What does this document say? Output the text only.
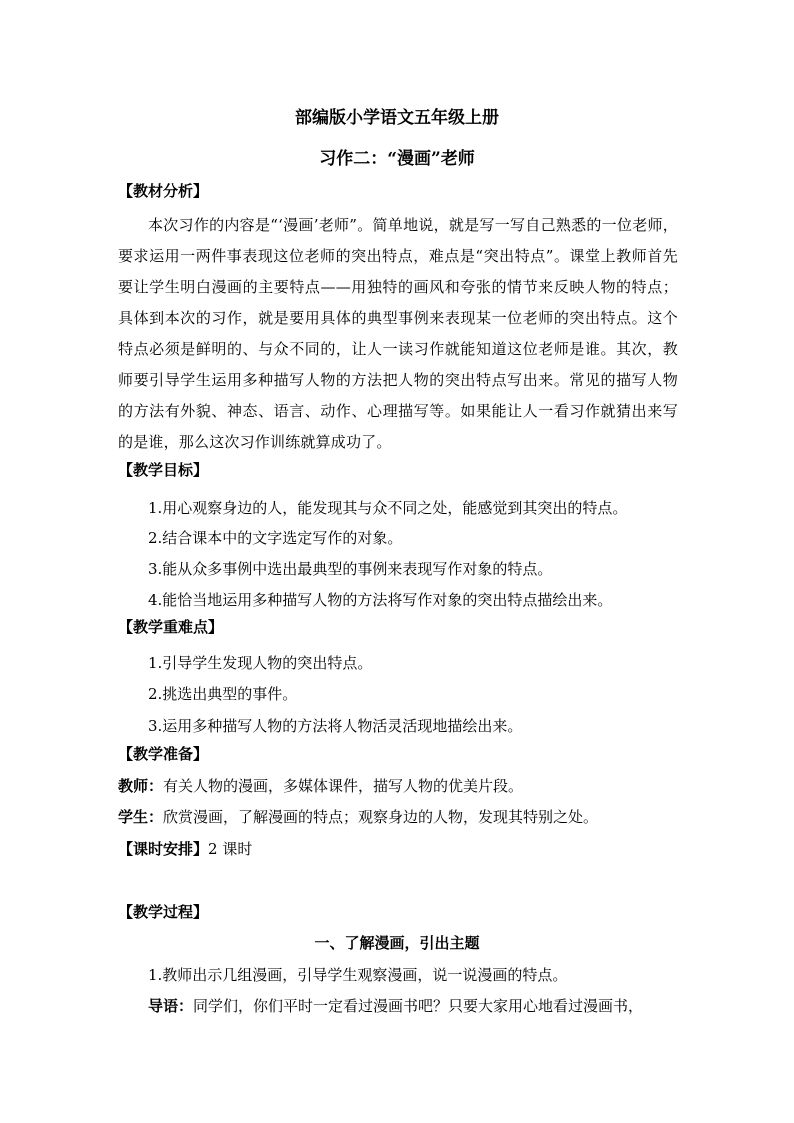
部编版小学语文五年级上册
习作二：“漫画”老师
【教材分析】
本次习作的内容是“‘漫画’老师”。简单地说，就是写一写自己熟悉的一位老师，要求运用一两件事表现这位老师的突出特点，难点是“突出特点”。课堂上教师首先要让学生明白漫画的主要特点——用独特的画风和夸张的情节来反映人物的特点；具体到本次的习作，就是要用具体的典型事例来表现某一位老师的突出特点。这个特点必须是鲜明的、与众不同的，让人一读习作就能知道这位老师是谁。其次，教师要引导学生运用多种描写人物的方法把人物的突出特点写出来。常见的描写人物的方法有外貌、神态、语言、动作、心理描写等。如果能让人一看习作就猜出来写的是谁，那么这次习作训练就算成功了。
【教学目标】
1.用心观察身边的人，能发现其与众不同之处，能感觉到其突出的特点。
2.结合课本中的文字选定写作的对象。
3.能从众多事例中选出最典型的事例来表现写作对象的特点。
4.能恰当地运用多种描写人物的方法将写作对象的突出特点描绘出来。
【教学重难点】
1.引导学生发现人物的突出特点。
2.挑选出典型的事件。
3.运用多种描写人物的方法将人物活灵活现地描绘出来。
【教学准备】
教师：有关人物的漫画，多媒体课件，描写人物的优美片段。
学生：欣赏漫画，了解漫画的特点；观察身边的人物，发现其特别之处。
【课时安排】2 课时
【教学过程】
一、了解漫画，引出主题
1.教师出示几组漫画，引导学生观察漫画，说一说漫画的特点。
导语：同学们，你们平时一定看过漫画书吧？只要大家用心地看过漫画书，
